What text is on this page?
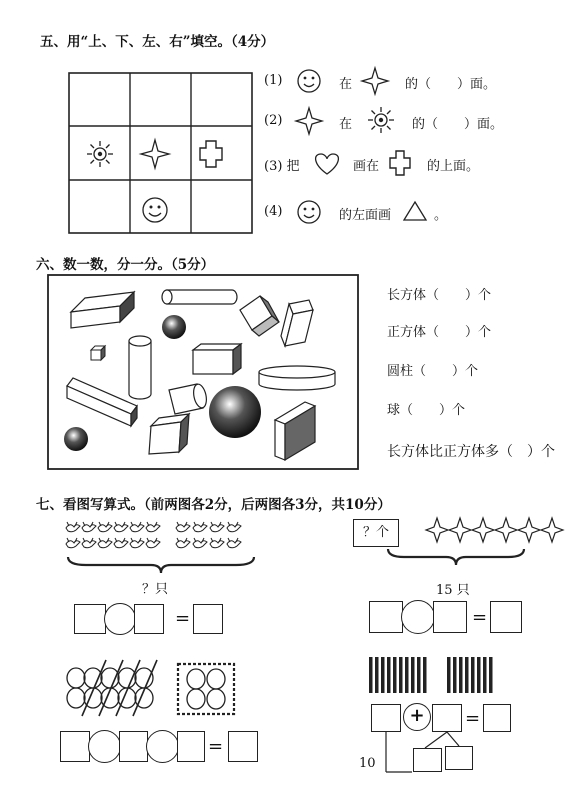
五、用“上、下、左、右”填空。（4分）
(1)	在	的（　　）面。
(2)	在	的（　　）面。
(3) 把	画在	的上面。
(4)	的左面画	。
六、数一数，分一分。（5分）
长方体（　　）个
正方体（　　）个
圆柱（　　）个
球（　　）个
长方体比正方体多（　）个
七、看图写算式。（前两图各2分，后两图各3分，共10分）
？只
=
？个
15 只
=
=
+	=
10
